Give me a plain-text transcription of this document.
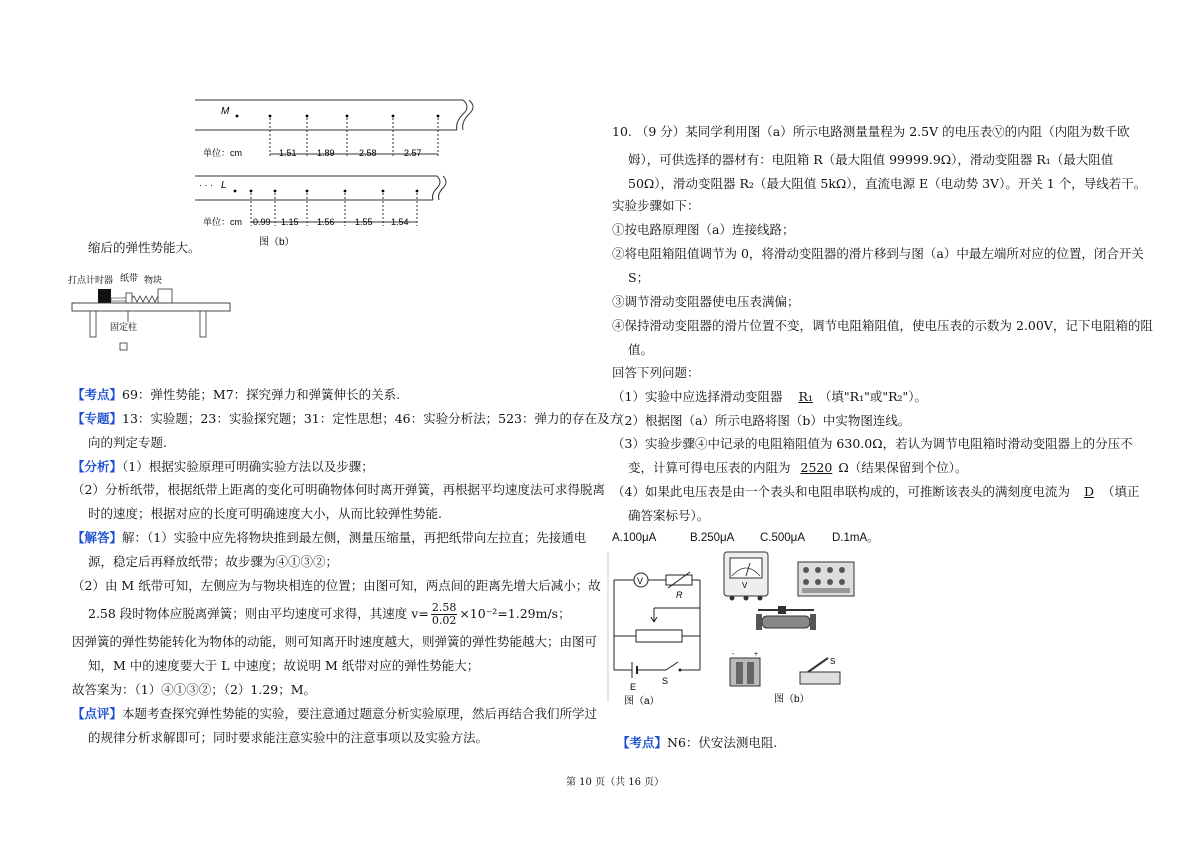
M
单位：cm	1.51 1.89	2.58	2.57
· · · L
单位：cm 0.99 1.15 1.56 1.55 1.54
图（b）
缩后的弹性势能大。
打点计时器 纸带 物块
固定柱
【考点】69：弹性势能；M7：探究弹力和弹簧伸长的关系.
【专题】13：实验题；23：实验探究题；31：定性思想；46：实验分析法；523：弹力的存在及方
向的判定专题.
【分析】（1）根据实验原理可明确实验方法以及步骤；
（2）分析纸带，根据纸带上距离的变化可明确物体何时离开弹簧，再根据平均速度法可求得脱离
时的速度；根据对应的长度可明确速度大小，从而比较弹性势能.
【解答】解：（1）实验中应先将物块推到最左侧，测量压缩量，再把纸带向左拉直；先接通电
源，稳定后再释放纸带；故步骤为④①③②；
（2）由 M 纸带可知，左侧应为与物块相连的位置；由图可知，两点间的距离先增大后减小；故
2.58 段时物体应脱离弹簧；则由平均速度可求得，其速度 $v= \frac{2.58}{0.02} \times 10^{-2}=1.29m/s$；
因弹簧的弹性势能转化为物体的动能，则可知离开时速度越大，则弹簧的弹性势能越大；由图可
知，M 中的速度要大于 L 中速度；故说明 M 纸带对应的弹性势能大；
故答案为：（1）④①③②；（2）1.29；M。
【点评】本题考查探究弹性势能的实验，要注意通过题意分析实验原理，然后再结合我们所学过
的规律分析求解即可；同时要求能注意实验中的注意事项以及实验方法。
10. （9 分）某同学利用图（a）所示电路测量量程为 2.5V 的电压表Ⓥ的内阻（内阻为数千欧
姆），可供选择的器材有：电阻箱 R（最大阻值 99999.9Ω），滑动变阻器 R₁（最大阻值
50Ω），滑动变阻器 R₂（最大阻值 5kΩ），直流电源 E（电动势 3V）。开关 1 个，导线若干。
实验步骤如下：
①按电路原理图（a）连接线路；
②将电阻箱阻值调节为 0，将滑动变阻器的滑片移到与图（a）中最左端所对应的位置，闭合开关
S；
③调节滑动变阻器使电压表满偏；
④保持滑动变阻器的滑片位置不变，调节电阻箱阻值，使电压表的示数为 2.00V，记下电阻箱的阻
值。
回答下列问题：
（1）实验中应选择滑动变阻器 R₁ （填"R₁"或"R₂"）。
（2）根据图（a）所示电路将图（b）中实物图连线。
（3）实验步骤④中记录的电阻箱阻值为 630.0Ω，若认为调节电阻箱时滑动变阻器上的分压不
变，计算可得电压表的内阻为 2520 Ω（结果保留到个位）。
（4）如果此电压表是由一个表头和电阻串联构成的，可推断该表头的满刻度电流为 D （填正
确答案标号）。
A.100μA	B.250μA C.500μA D.1mA。
V
R
E
S
图（a）
V
-	+
S
图（b）
【考点】N6：伏安法测电阻.
第 10 页（共 16 页）
